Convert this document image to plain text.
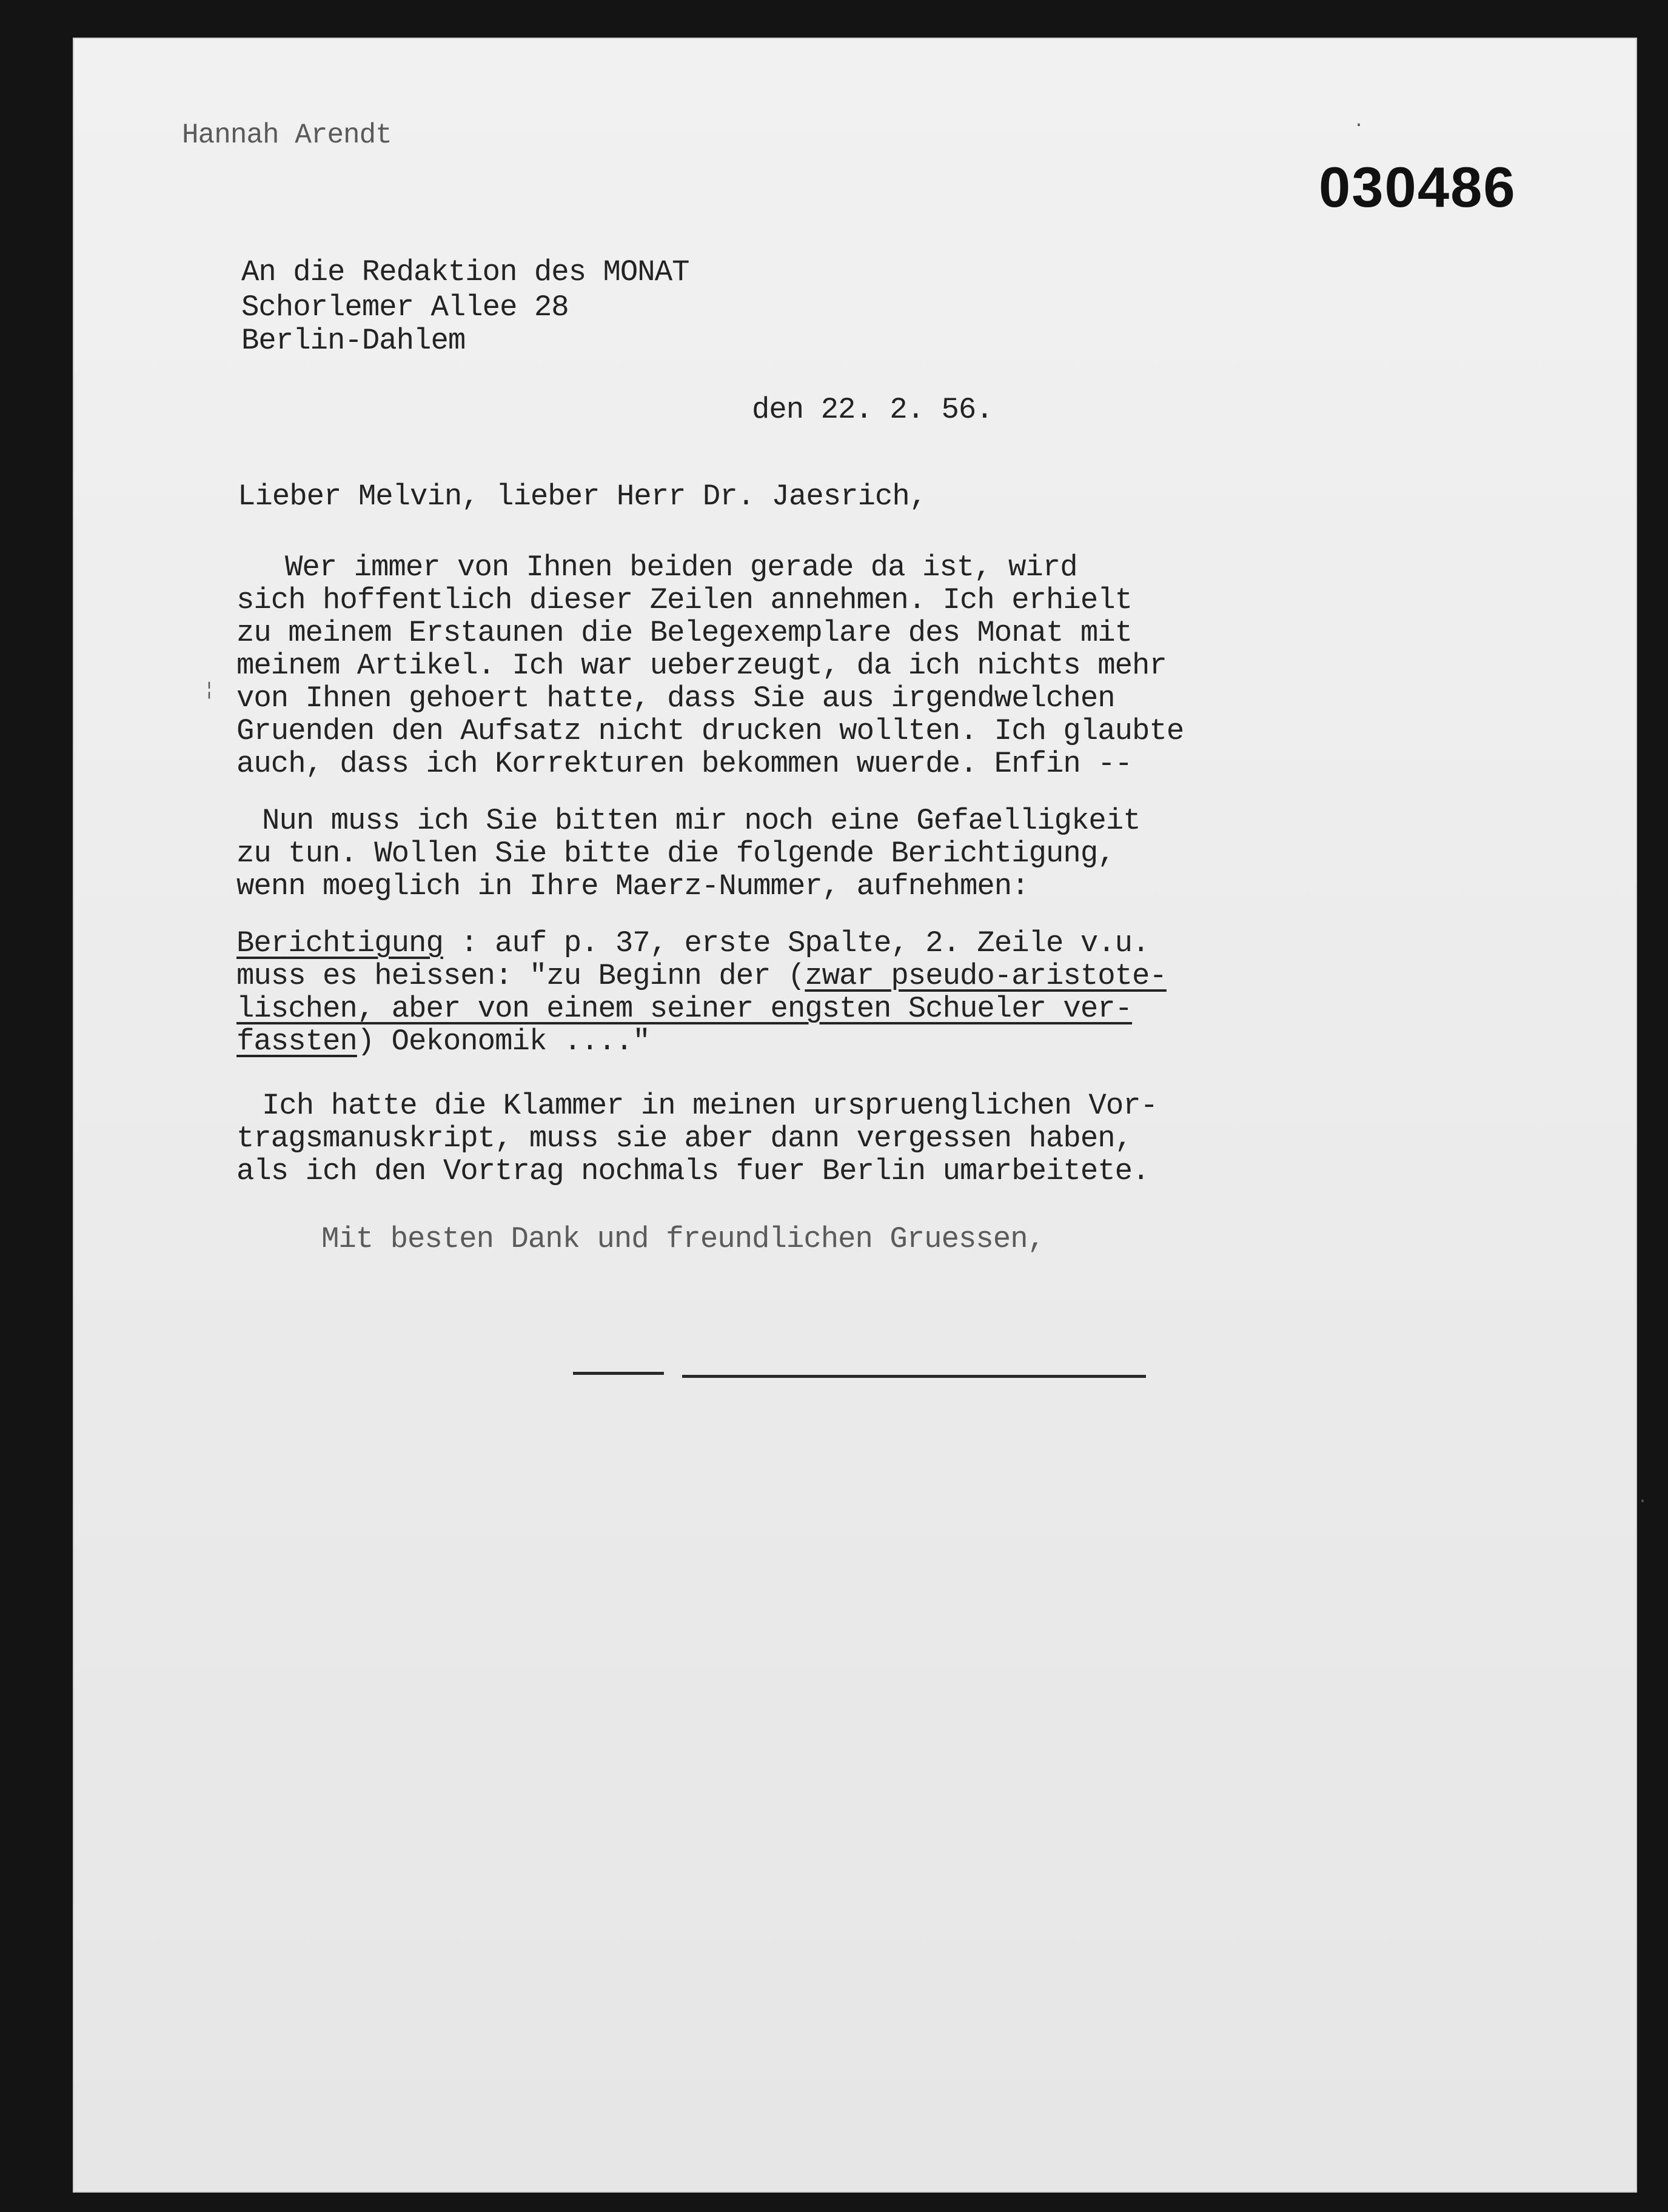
Hannah Arendt

030486

An die Redaktion des MONAT

Schorlemer Allee 28

Berlin-Dahlem

den 22. 2. 56.

Lieber Melvin, lieber Herr Dr. Jaesrich,

Wer immer von Ihnen beiden gerade da ist, wird

sich hoffentlich dieser Zeilen annehmen. Ich erhielt

zu meinem Erstaunen die Belegexemplare des Monat mit

meinem Artikel. Ich war ueberzeugt, da ich nichts mehr

von Ihnen gehoert hatte, dass Sie aus irgendwelchen

Gruenden den Aufsatz nicht drucken wollten. Ich glaubte

auch, dass ich Korrekturen bekommen wuerde. Enfin --

Nun muss ich Sie bitten mir noch eine Gefaelligkeit

zu tun. Wollen Sie bitte die folgende Berichtigung,

wenn moeglich in Ihre Maerz-Nummer, aufnehmen:

Berichtigung : auf p. 37, erste Spalte, 2. Zeile v.u.

muss es heissen: "zu Beginn der (zwar pseudo-aristote-

lischen, aber von einem seiner engsten Schueler ver-

fassten) Oekonomik ...."

Ich hatte die Klammer in meinen urspruenglichen Vor-

tragsmanuskript, muss sie aber dann vergessen haben,

als ich den Vortrag nochmals fuer Berlin umarbeitete.

Mit besten Dank und freundlichen Gruessen,

·
¦
·
